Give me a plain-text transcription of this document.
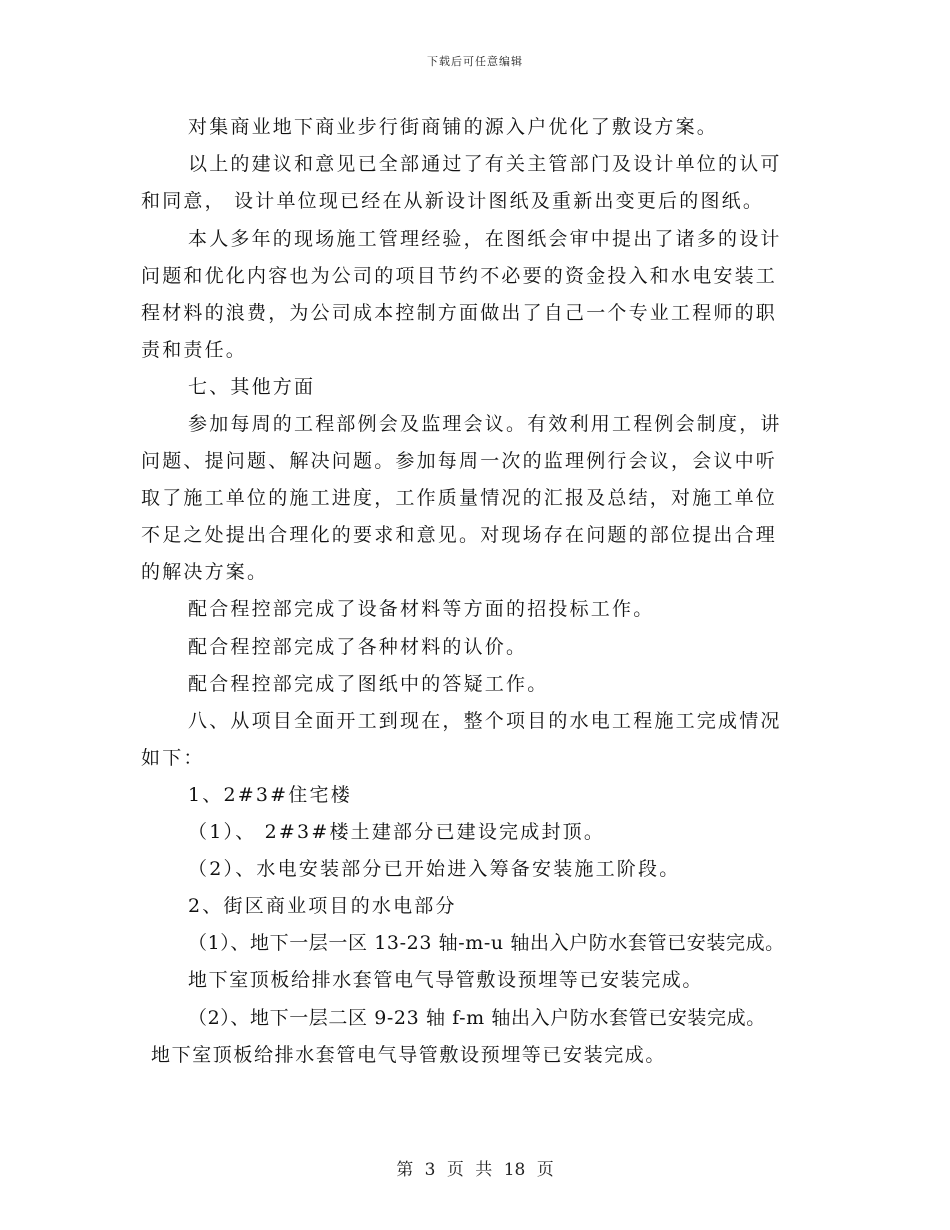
下载后可任意编辑
对集商业地下商业步行街商铺的源入户优化了敷设方案。
以上的建议和意见已全部通过了有关主管部门及设计单位的认可
和同意， 设计单位现已经在从新设计图纸及重新出变更后的图纸。
本人多年的现场施工管理经验，在图纸会审中提出了诸多的设计
问题和优化内容也为公司的项目节约不必要的资金投入和水电安装工
程材料的浪费，为公司成本控制方面做出了自己一个专业工程师的职
责和责任。
七、其他方面
参加每周的工程部例会及监理会议。有效利用工程例会制度，讲
问题、提问题、解决问题。参加每周一次的监理例行会议，会议中听
取了施工单位的施工进度，工作质量情况的汇报及总结，对施工单位
不足之处提出合理化的要求和意见。对现场存在问题的部位提出合理
的解决方案。
配合程控部完成了设备材料等方面的招投标工作。
配合程控部完成了各种材料的认价。
配合程控部完成了图纸中的答疑工作。
八、从项目全面开工到现在，整个项目的水电工程施工完成情况
如下：
1、2#3#住宅楼
（1）、 2#3#楼土建部分已建设完成封顶。
（2）、水电安装部分已开始进入筹备安装施工阶段。
2、街区商业项目的水电部分
（1）、地下一层一区 13-23 轴-m-u 轴出入户防水套管已安装完成。
地下室顶板给排水套管电气导管敷设预埋等已安装完成。
（2）、地下一层二区 9-23 轴 f-m 轴出入户防水套管已安装完成。
地下室顶板给排水套管电气导管敷设预埋等已安装完成。
第 3 页 共 18 页
